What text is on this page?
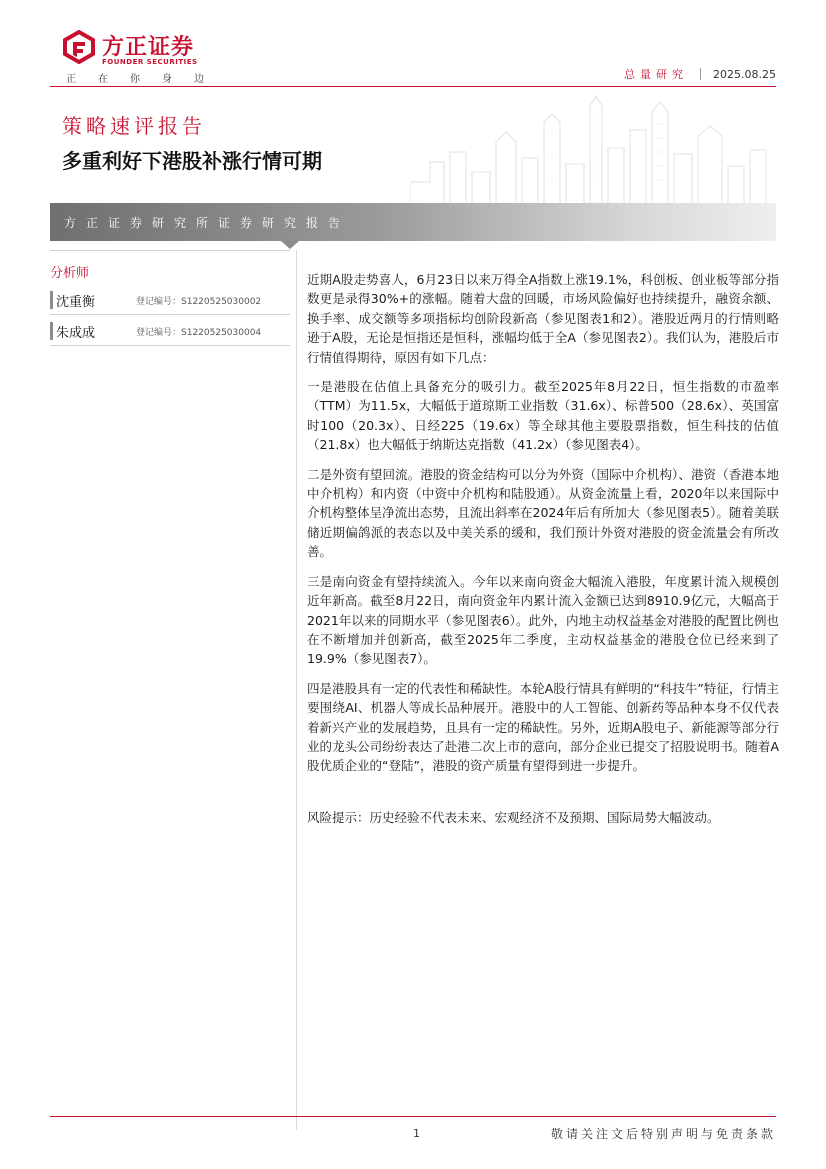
方正证券
FOUNDER SECURITIES
正在你身边	总量研究 2025.08.25
策略速评报告
多重利好下港股补涨行情可期
方正证券研究所证券研究报告
分析师
沈重衡	登记编号：S1220525030002
朱成成	登记编号：S1220525030004

近期A股走势喜人，6月23日以来万得全A指数上涨19.1%，科创板、创业板等部分指数更是录得30%+的涨幅。随着大盘的回暖，市场风险偏好也持续提升，融资余额、换手率、成交额等多项指标均创阶段新高（参见图表1和2）。港股近两月的行情则略逊于A股，无论是恒指还是恒科，涨幅均低于全A（参见图表2）。我们认为，港股后市行情值得期待，原因有如下几点：

一是港股在估值上具备充分的吸引力。截至2025年8月22日，恒生指数的市盈率（TTM）为11.5x，大幅低于道琼斯工业指数（31.6x）、标普500（28.6x）、英国富时100（20.3x）、日经225（19.6x）等全球其他主要股票指数，恒生科技的估值（21.8x）也大幅低于纳斯达克指数（41.2x）（参见图表4）。

二是外资有望回流。港股的资金结构可以分为外资（国际中介机构）、港资（香港本地中介机构）和内资（中资中介机构和陆股通）。从资金流量上看，2020年以来国际中介机构整体呈净流出态势，且流出斜率在2024年后有所加大（参见图表5）。随着美联储近期偏鸽派的表态以及中美关系的缓和，我们预计外资对港股的资金流量会有所改善。

三是南向资金有望持续流入。今年以来南向资金大幅流入港股，年度累计流入规模创近年新高。截至8月22日，南向资金年内累计流入金额已达到8910.9亿元，大幅高于2021年以来的同期水平（参见图表6）。此外，内地主动权益基金对港股的配置比例也在不断增加并创新高，截至2025年二季度，主动权益基金的港股仓位已经来到了19.9%（参见图表7）。

四是港股具有一定的代表性和稀缺性。本轮A股行情具有鲜明的“科技牛”特征，行情主要围绕AI、机器人等成长品种展开。港股中的人工智能、创新药等品种本身不仅代表着新兴产业的发展趋势，且具有一定的稀缺性。另外，近期A股电子、新能源等部分行业的龙头公司纷纷表达了赴港二次上市的意向，部分企业已提交了招股说明书。随着A股优质企业的“登陆”，港股的资产质量有望得到进一步提升。

风险提示：历史经验不代表未来、宏观经济不及预期、国际局势大幅波动。

1	敬请关注文后特别声明与免责条款
